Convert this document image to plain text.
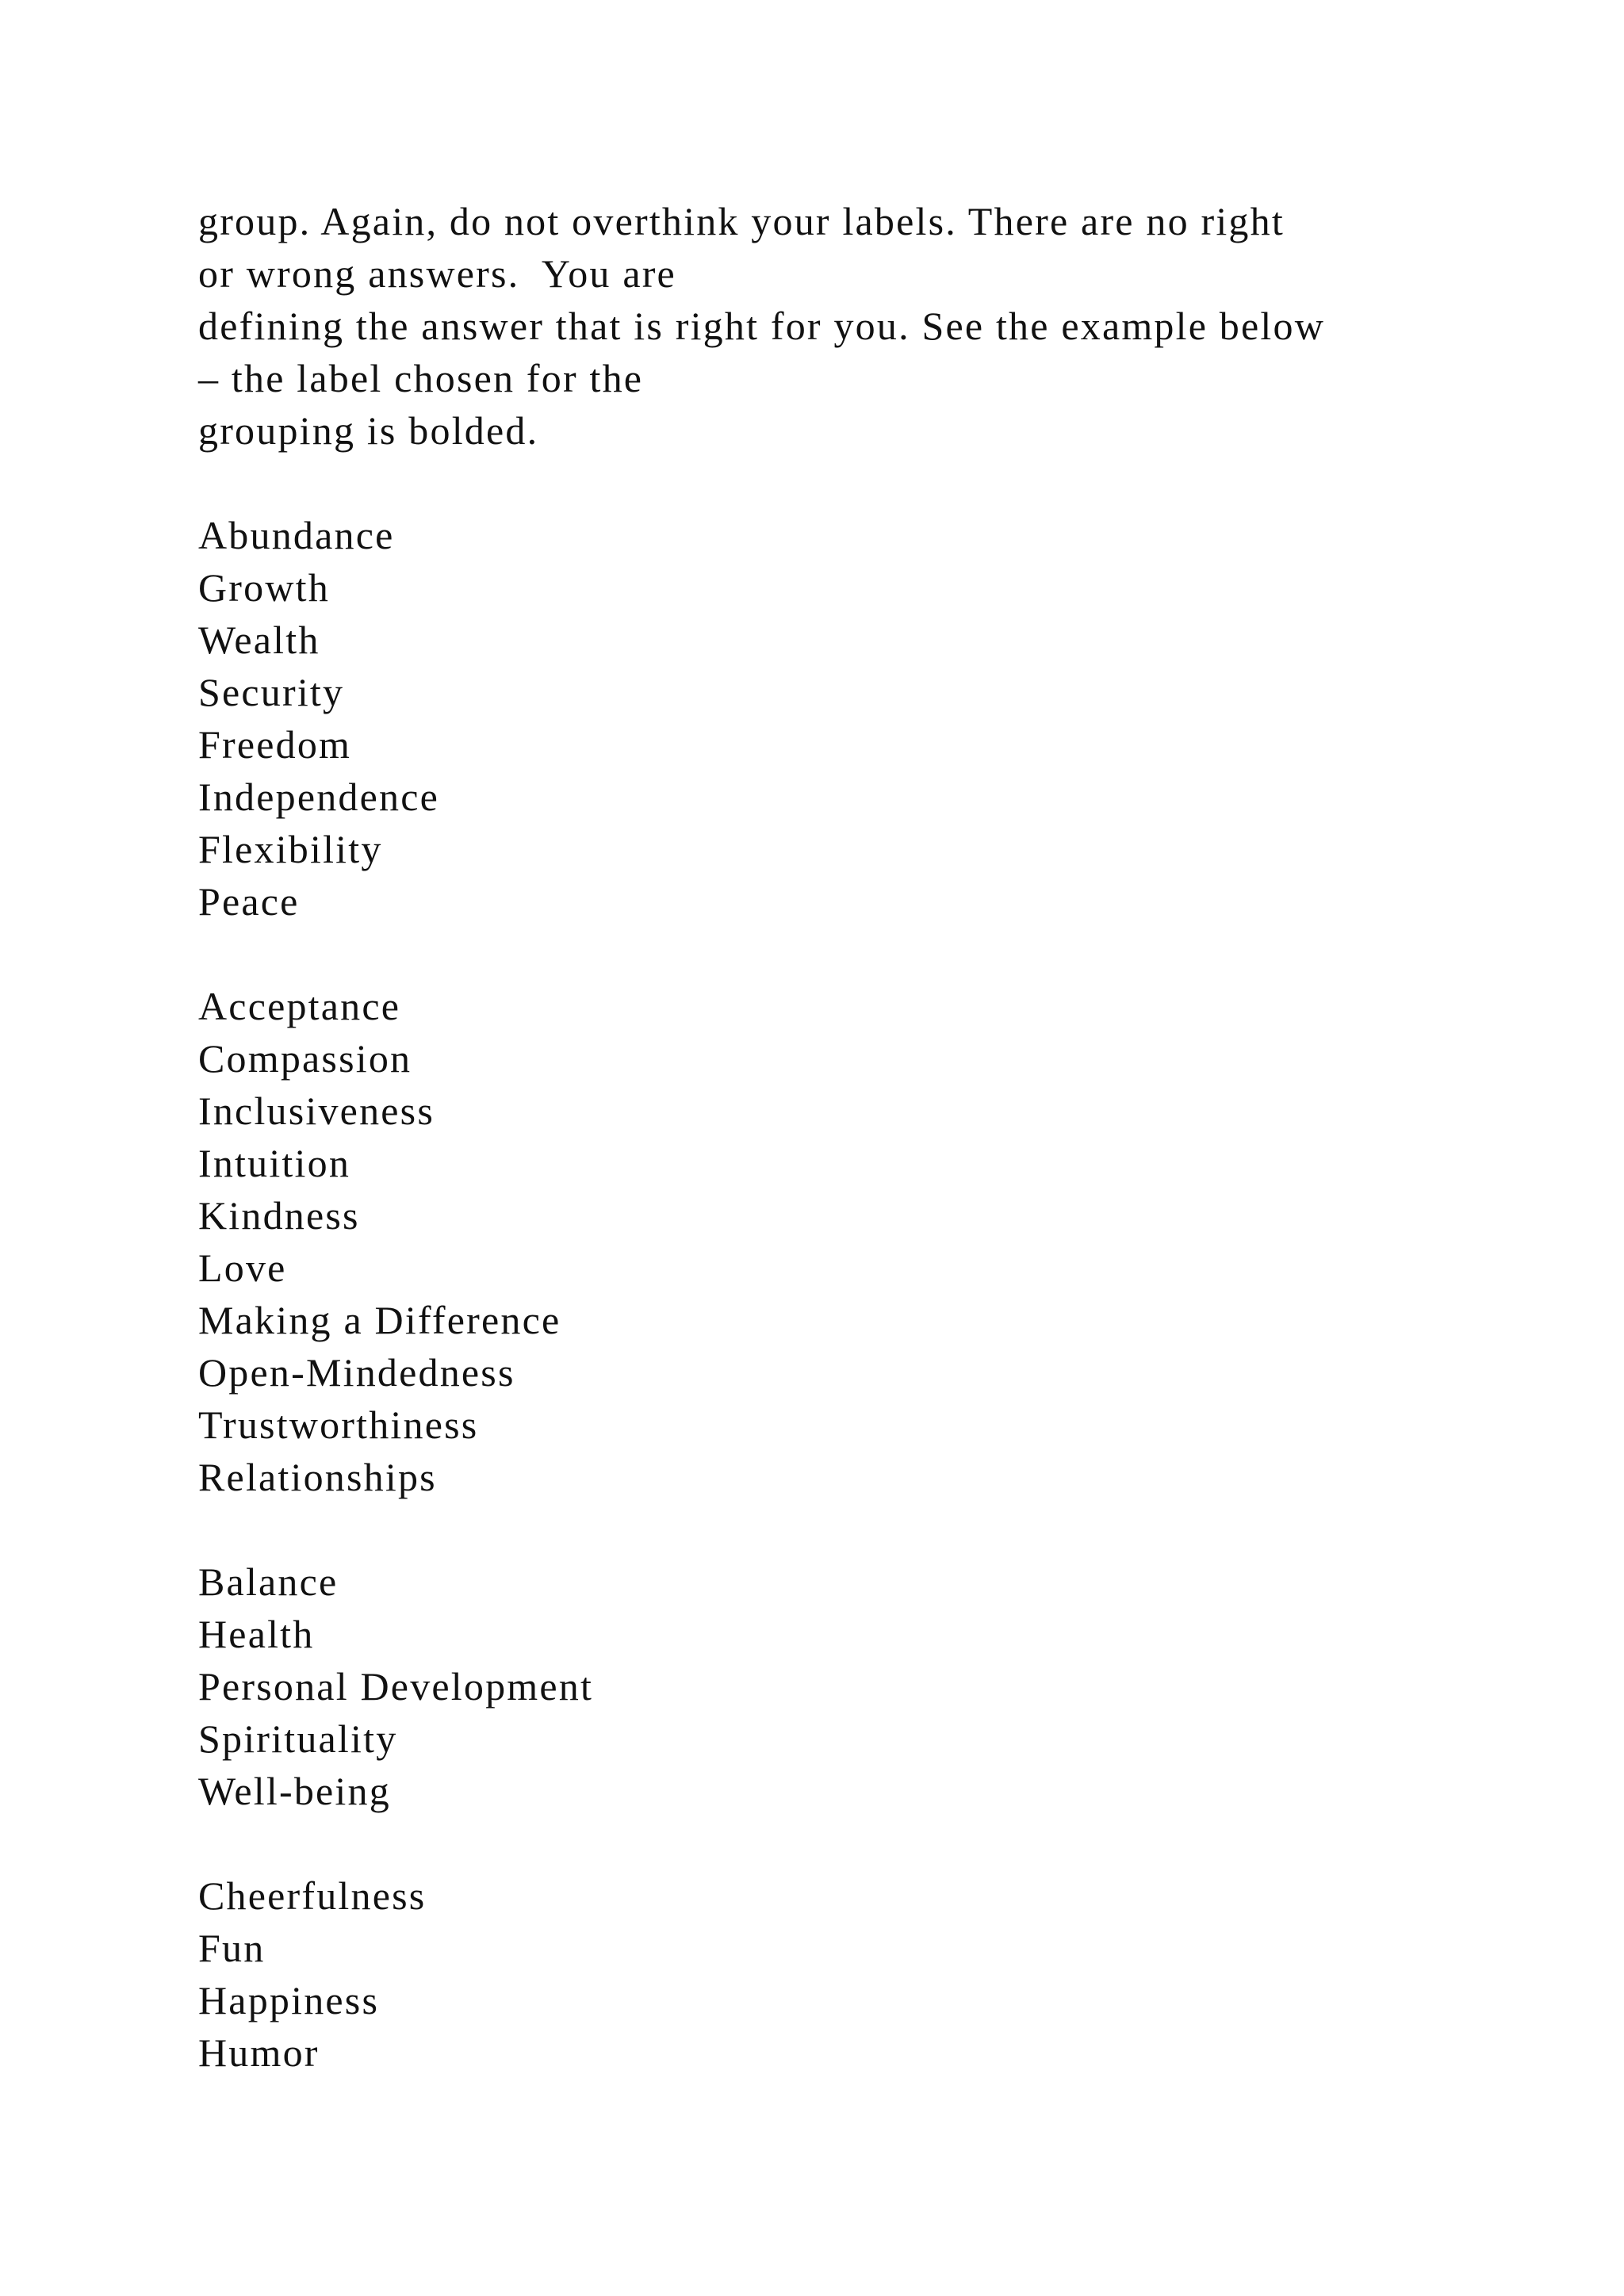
group. Again, do not overthink your labels. There are no right
or wrong answers.  You are
defining the answer that is right for you. See the example below
– the label chosen for the
grouping is bolded.
Abundance
Growth
Wealth
Security
Freedom
Independence
Flexibility
Peace
Acceptance
Compassion
Inclusiveness
Intuition
Kindness
Love
Making a Difference
Open-Mindedness
Trustworthiness
Relationships
Balance
Health
Personal Development
Spirituality
Well-being
Cheerfulness
Fun
Happiness
Humor
